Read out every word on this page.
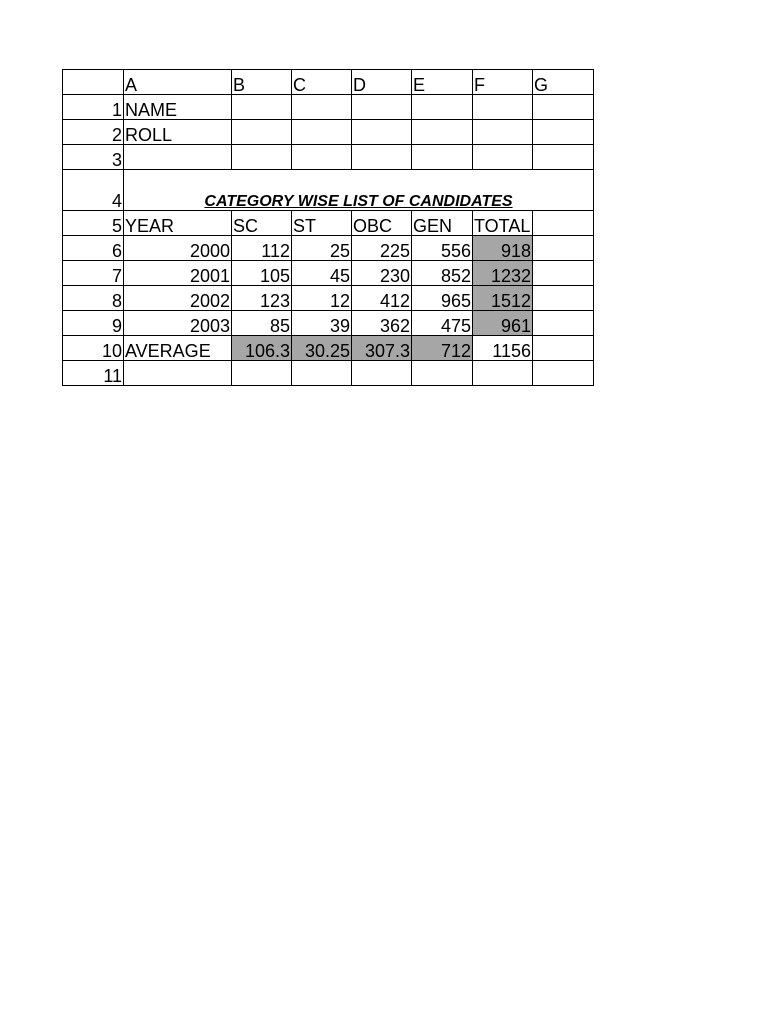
	A	B	C	D	E	F	G
1	NAME						
2	ROLL						
3							
4	CATEGORY WISE LIST OF CANDIDATES						
5	YEAR	SC	ST	OBC	GEN	TOTAL	
6	2000	112	25	225	556	918	
7	2001	105	45	230	852	1232	
8	2002	123	12	412	965	1512	
9	2003	85	39	362	475	961	
10	AVERAGE	106.3	30.25	307.3	712	1156	
11							
